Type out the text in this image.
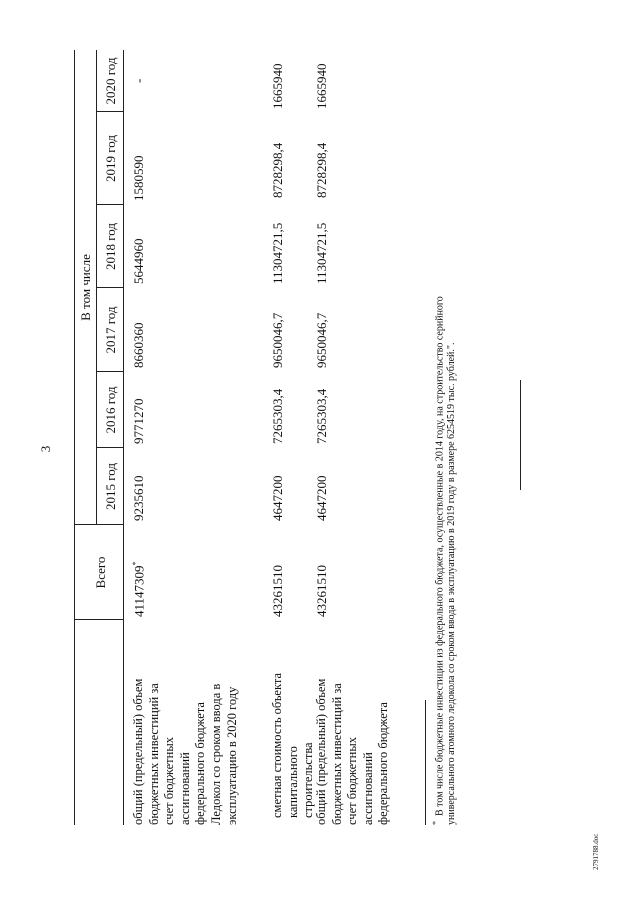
3
Всего
В том числе
2015 год
2016 год
2017 год
2018 год
2019 год
2020 год
общий (предельный) объем бюджетных инвестиций за счет бюджетных ассигнований федерального бюджета
41147309*
9235610
9771270
8660360
5644960
1580590
-
Ледокол со сроком ввода в эксплуатацию в 2020 году	сметная стоимость объекта капитального строительства
43261510
4647200
7265303,4
9650046,7
11304721,5
8728298,4
1665940
общий (предельный) объем бюджетных инвестиций за счет бюджетных ассигнований федерального бюджета
43261510
4647200
7265303,4
9650046,7
11304721,5
8728298,4
1665940
*  В том числе бюджетные инвестиции из федерального бюджета, осуществленные в 2014 году, на строительство серийного универсального атомного ледокола со сроком ввода в эксплуатацию в 2019 году в размере 6254519 тыс. рублей.".
2791788.doc
